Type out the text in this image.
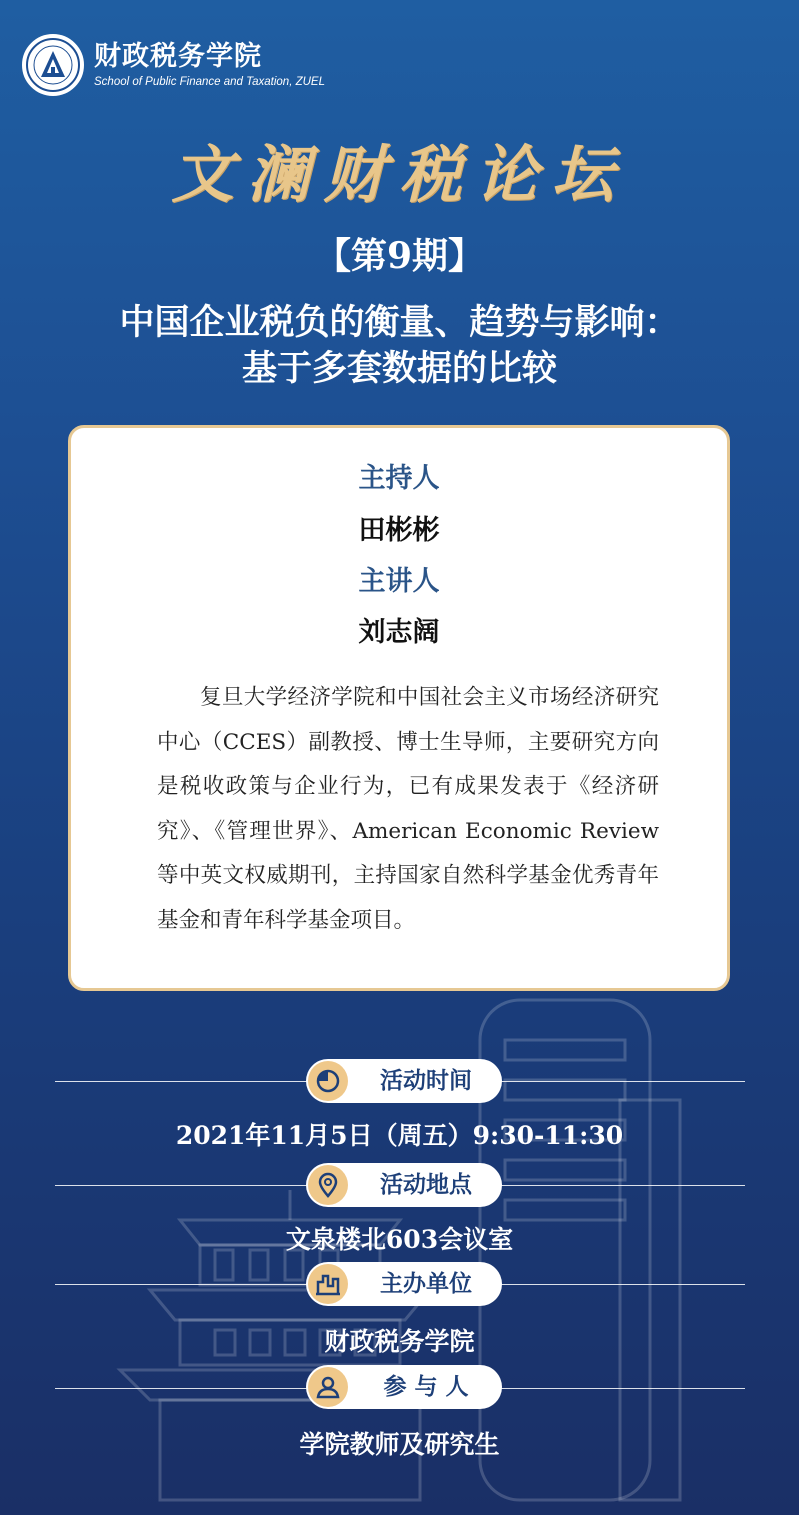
财政税务学院
School of Public Finance and Taxation, ZUEL
文澜财税论坛
【第9期】
中国企业税负的衡量、趋势与影响：
基于多套数据的比较
主持人
田彬彬
主讲人
刘志阔
复旦大学经济学院和中国社会主义市场经济研究中心（CCES）副教授、博士生导师，主要研究方向是税收政策与企业行为，已有成果发表于《经济研究》、《管理世界》、American Economic Review等中英文权威期刊，主持国家自然科学基金优秀青年基金和青年科学基金项目。
活动时间
2021年11月5日（周五）9:30-11:30
活动地点
文泉楼北603会议室
主办单位
财政税务学院
参 与 人
学院教师及研究生
